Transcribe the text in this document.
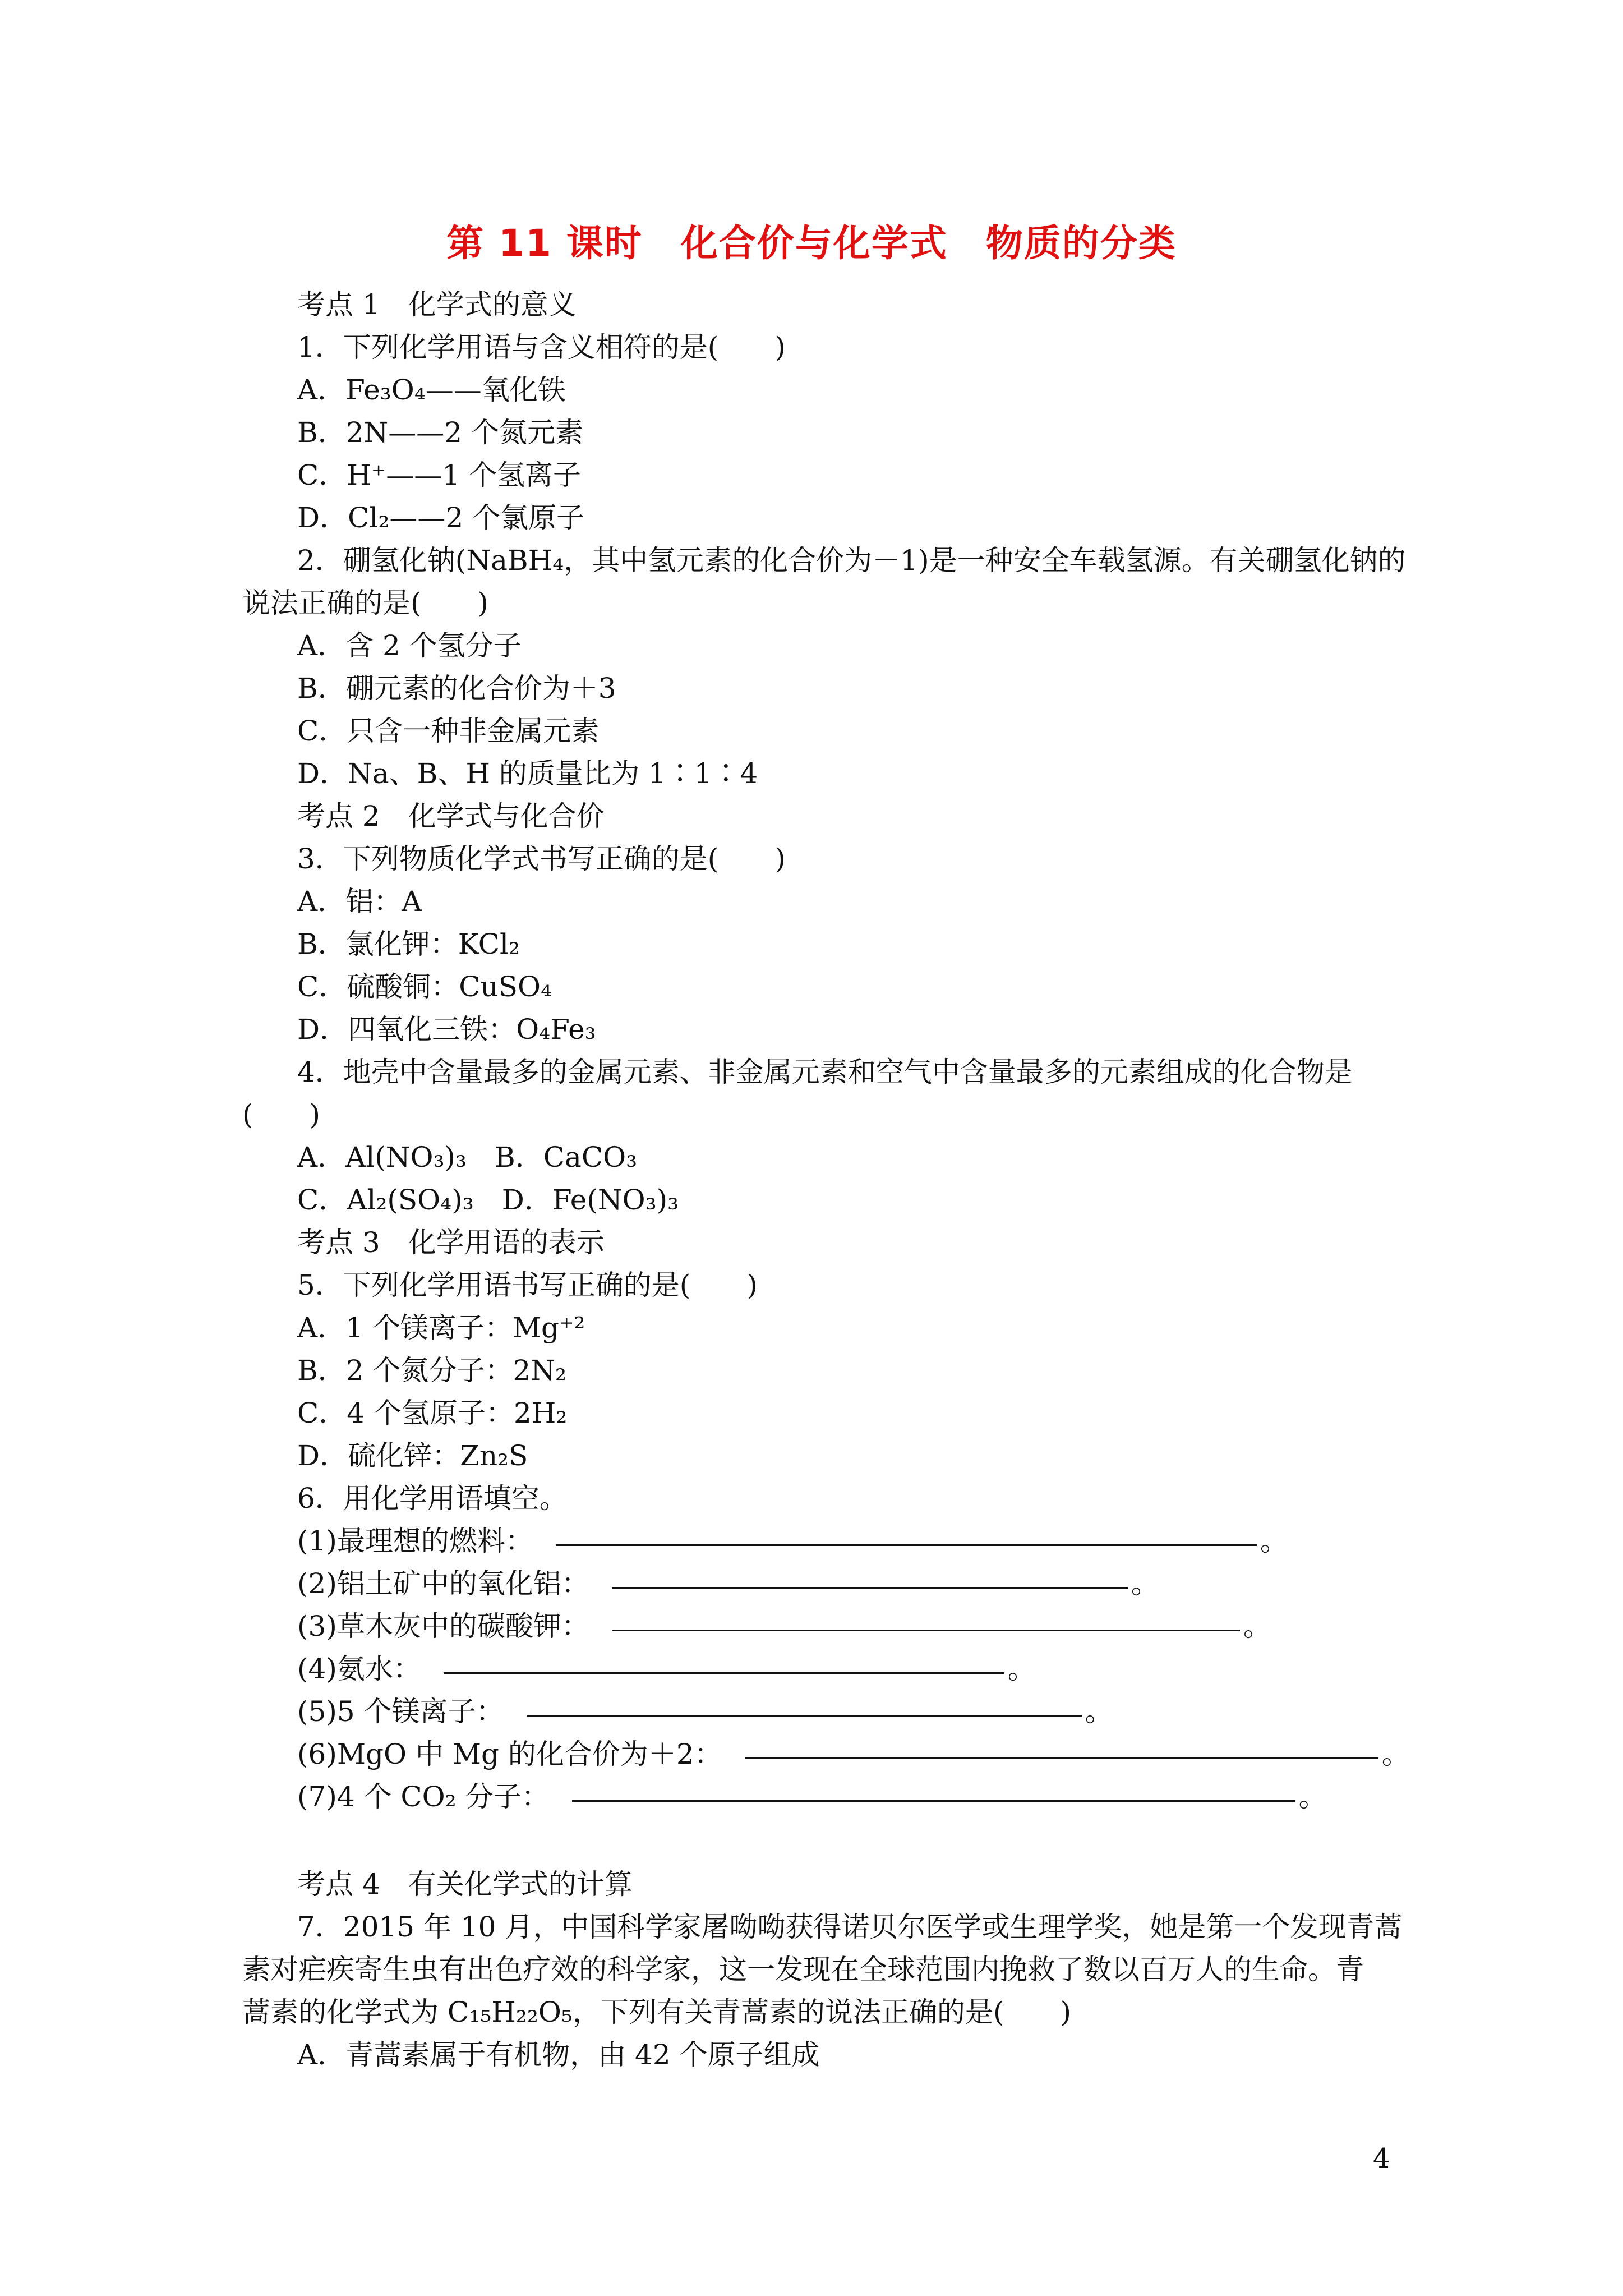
第 11 课时　化合价与化学式　物质的分类
考点 1　化学式的意义
1．下列化学用语与含义相符的是(　　)
A．Fe₃O₄——氧化铁
B．2N——2 个氮元素
C．H⁺——1 个氢离子
D．Cl₂——2 个氯原子
2．硼氢化钠(NaBH₄，其中氢元素的化合价为－1)是一种安全车载氢源。有关硼氢化钠的
说法正确的是(　　)
A．含 2 个氢分子
B．硼元素的化合价为＋3
C．只含一种非金属元素
D．Na、B、H 的质量比为 1∶1∶4
考点 2　化学式与化合价
3．下列物质化学式书写正确的是(　　)
A．铝：A
B．氯化钾：KCl₂
C．硫酸铜：CuSO₄
D．四氧化三铁：O₄Fe₃
4．地壳中含量最多的金属元素、非金属元素和空气中含量最多的元素组成的化合物是
(　　)
A．Al(NO₃)₃　B．CaCO₃
C．Al₂(SO₄)₃　D．Fe(NO₃)₃
考点 3　化学用语的表示
5．下列化学用语书写正确的是(　　)
A．1 个镁离子：Mg⁺²
B．2 个氮分子：2N₂
C．4 个氢原子：2H₂
D．硫化锌：Zn₂S
6．用化学用语填空。
(1)最理想的燃料：	。
(2)铝土矿中的氧化铝：	。
(3)草木灰中的碳酸钾：	。
(4)氨水：	。
(5)5 个镁离子：	。
(6)MgO 中 Mg 的化合价为＋2：	。
(7)4 个 CO₂ 分子：	。
考点 4　有关化学式的计算
7．2015 年 10 月，中国科学家屠呦呦获得诺贝尔医学或生理学奖，她是第一个发现青蒿
素对疟疾寄生虫有出色疗效的科学家，这一发现在全球范围内挽救了数以百万人的生命。青
蒿素的化学式为 C₁₅H₂₂O₅，下列有关青蒿素的说法正确的是(　　)
A．青蒿素属于有机物，由 42 个原子组成
4
